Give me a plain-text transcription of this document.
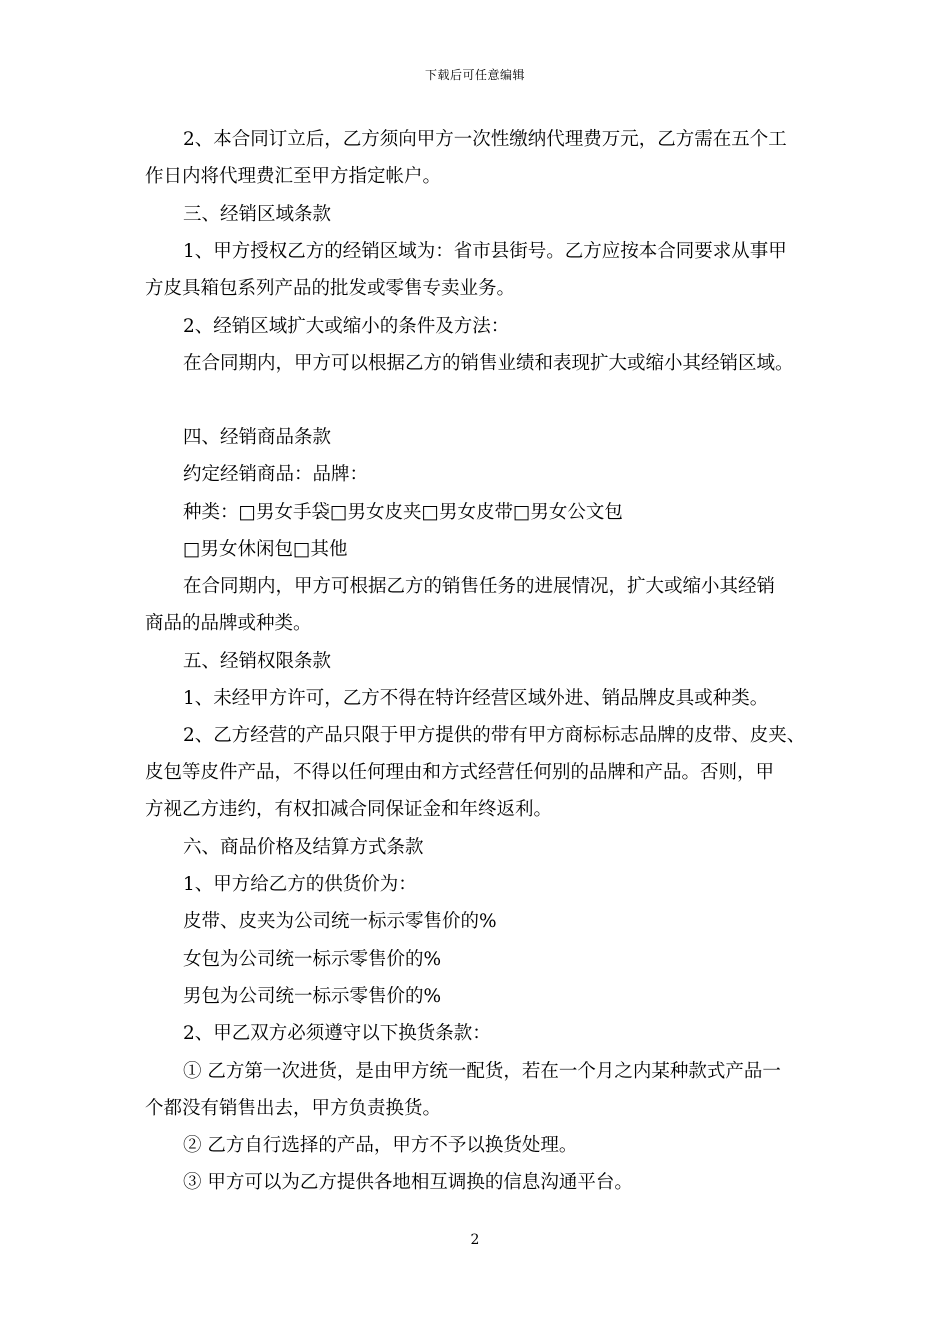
下载后可任意编辑
2、本合同订立后，乙方须向甲方一次性缴纳代理费万元，乙方需在五个工
作日内将代理费汇至甲方指定帐户。
三、经销区域条款
1、甲方授权乙方的经销区域为：省市县街号。乙方应按本合同要求从事甲
方皮具箱包系列产品的批发或零售专卖业务。
2、经销区域扩大或缩小的条件及方法：
在合同期内，甲方可以根据乙方的销售业绩和表现扩大或缩小其经销区域。
四、经销商品条款
约定经销商品：品牌：
种类：□男女手袋□男女皮夹□男女皮带□男女公文包
□男女休闲包□其他
在合同期内，甲方可根据乙方的销售任务的进展情况，扩大或缩小其经销
商品的品牌或种类。
五、经销权限条款
1、未经甲方许可，乙方不得在特许经营区域外进、销品牌皮具或种类。
2、乙方经营的产品只限于甲方提供的带有甲方商标标志品牌的皮带、皮夹、
皮包等皮件产品，不得以任何理由和方式经营任何别的品牌和产品。否则，甲
方视乙方违约，有权扣减合同保证金和年终返利。
六、商品价格及结算方式条款
1、甲方给乙方的供货价为：
皮带、皮夹为公司统一标示零售价的%
女包为公司统一标示零售价的%
男包为公司统一标示零售价的%
2、甲乙双方必须遵守以下换货条款：
① 乙方第一次进货，是由甲方统一配货，若在一个月之内某种款式产品一
个都没有销售出去，甲方负责换货。
② 乙方自行选择的产品，甲方不予以换货处理。
③ 甲方可以为乙方提供各地相互调换的信息沟通平台。
2
